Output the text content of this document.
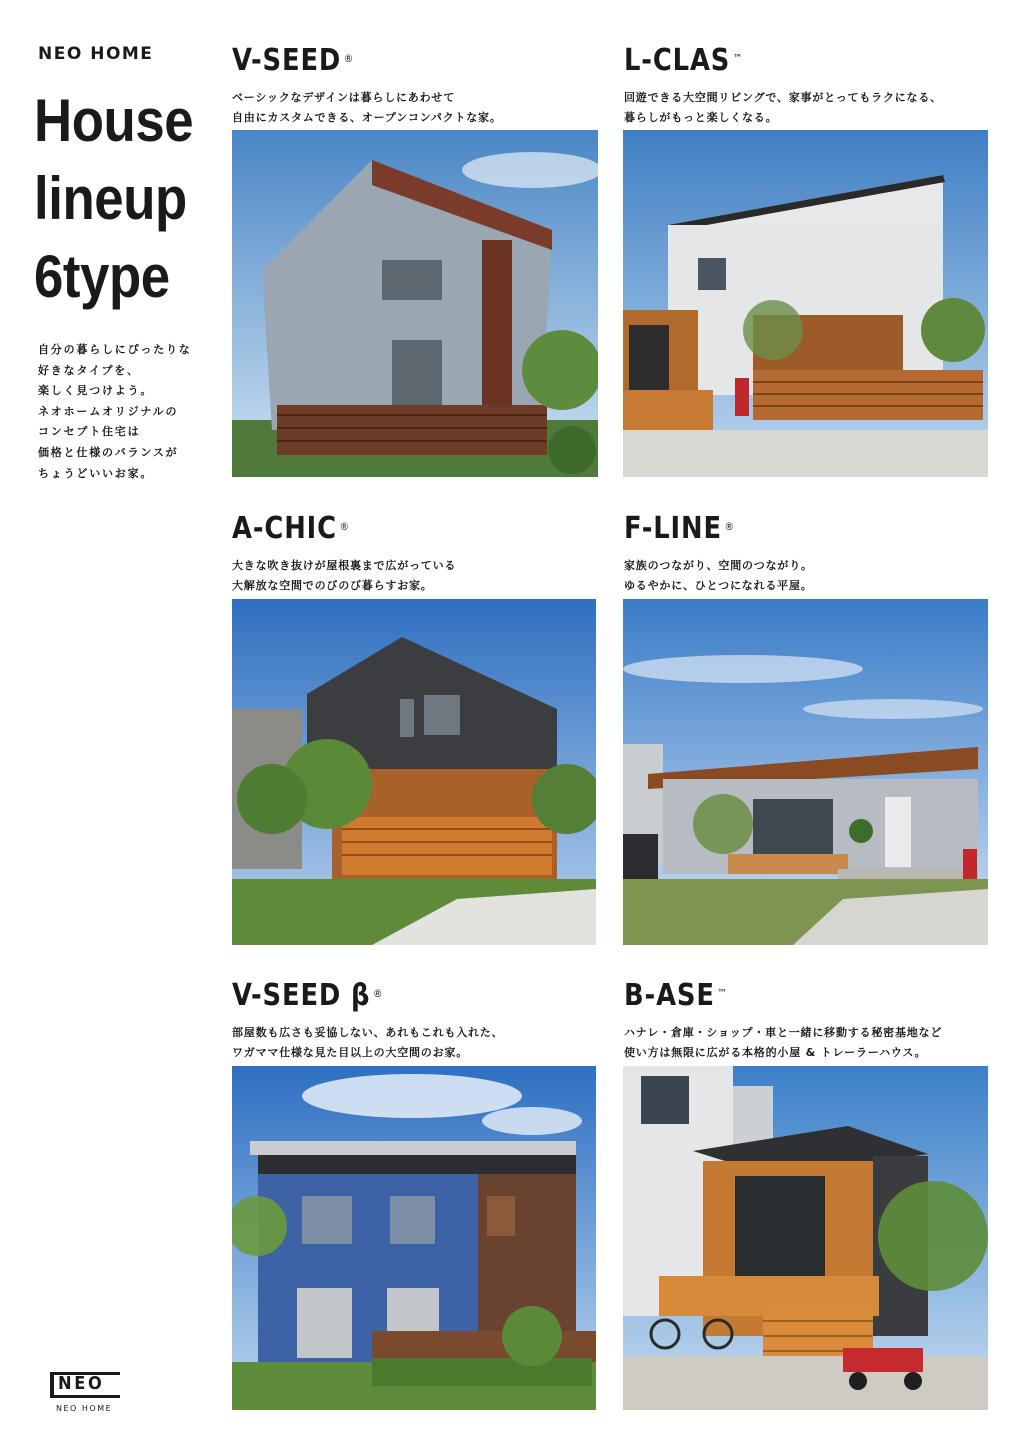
NEO HOME
House
lineup
6type
自分の暮らしにぴったりな
好きなタイプを、
楽しく見つけよう。
ネオホームオリジナルの
コンセプト住宅は
価格と仕様のバランスが
ちょうどいいお家。
V-SEED ®
ベーシックなデザインは暮らしにあわせて
自由にカスタムできる、オープンコンパクトな家。
L-CLAS ™
回遊できる大空間リビングで、家事がとってもラクになる、
暮らしがもっと楽しくなる。
A-CHIC ®
大きな吹き抜けが屋根裏まで広がっている
大解放な空間でのびのび暮らすお家。
F-LINE ®
家族のつながり、空間のつながり。
ゆるやかに、ひとつになれる平屋。
V-SEED β ®
部屋数も広さも妥協しない、あれもこれも入れた、
ワガママ仕様な見た目以上の大空間のお家。
B-ASE ™
ハナレ・倉庫・ショップ・車と一緒に移動する秘密基地など
使い方は無限に広がる本格的小屋 & トレーラーハウス。
NEO
NEO HOME
